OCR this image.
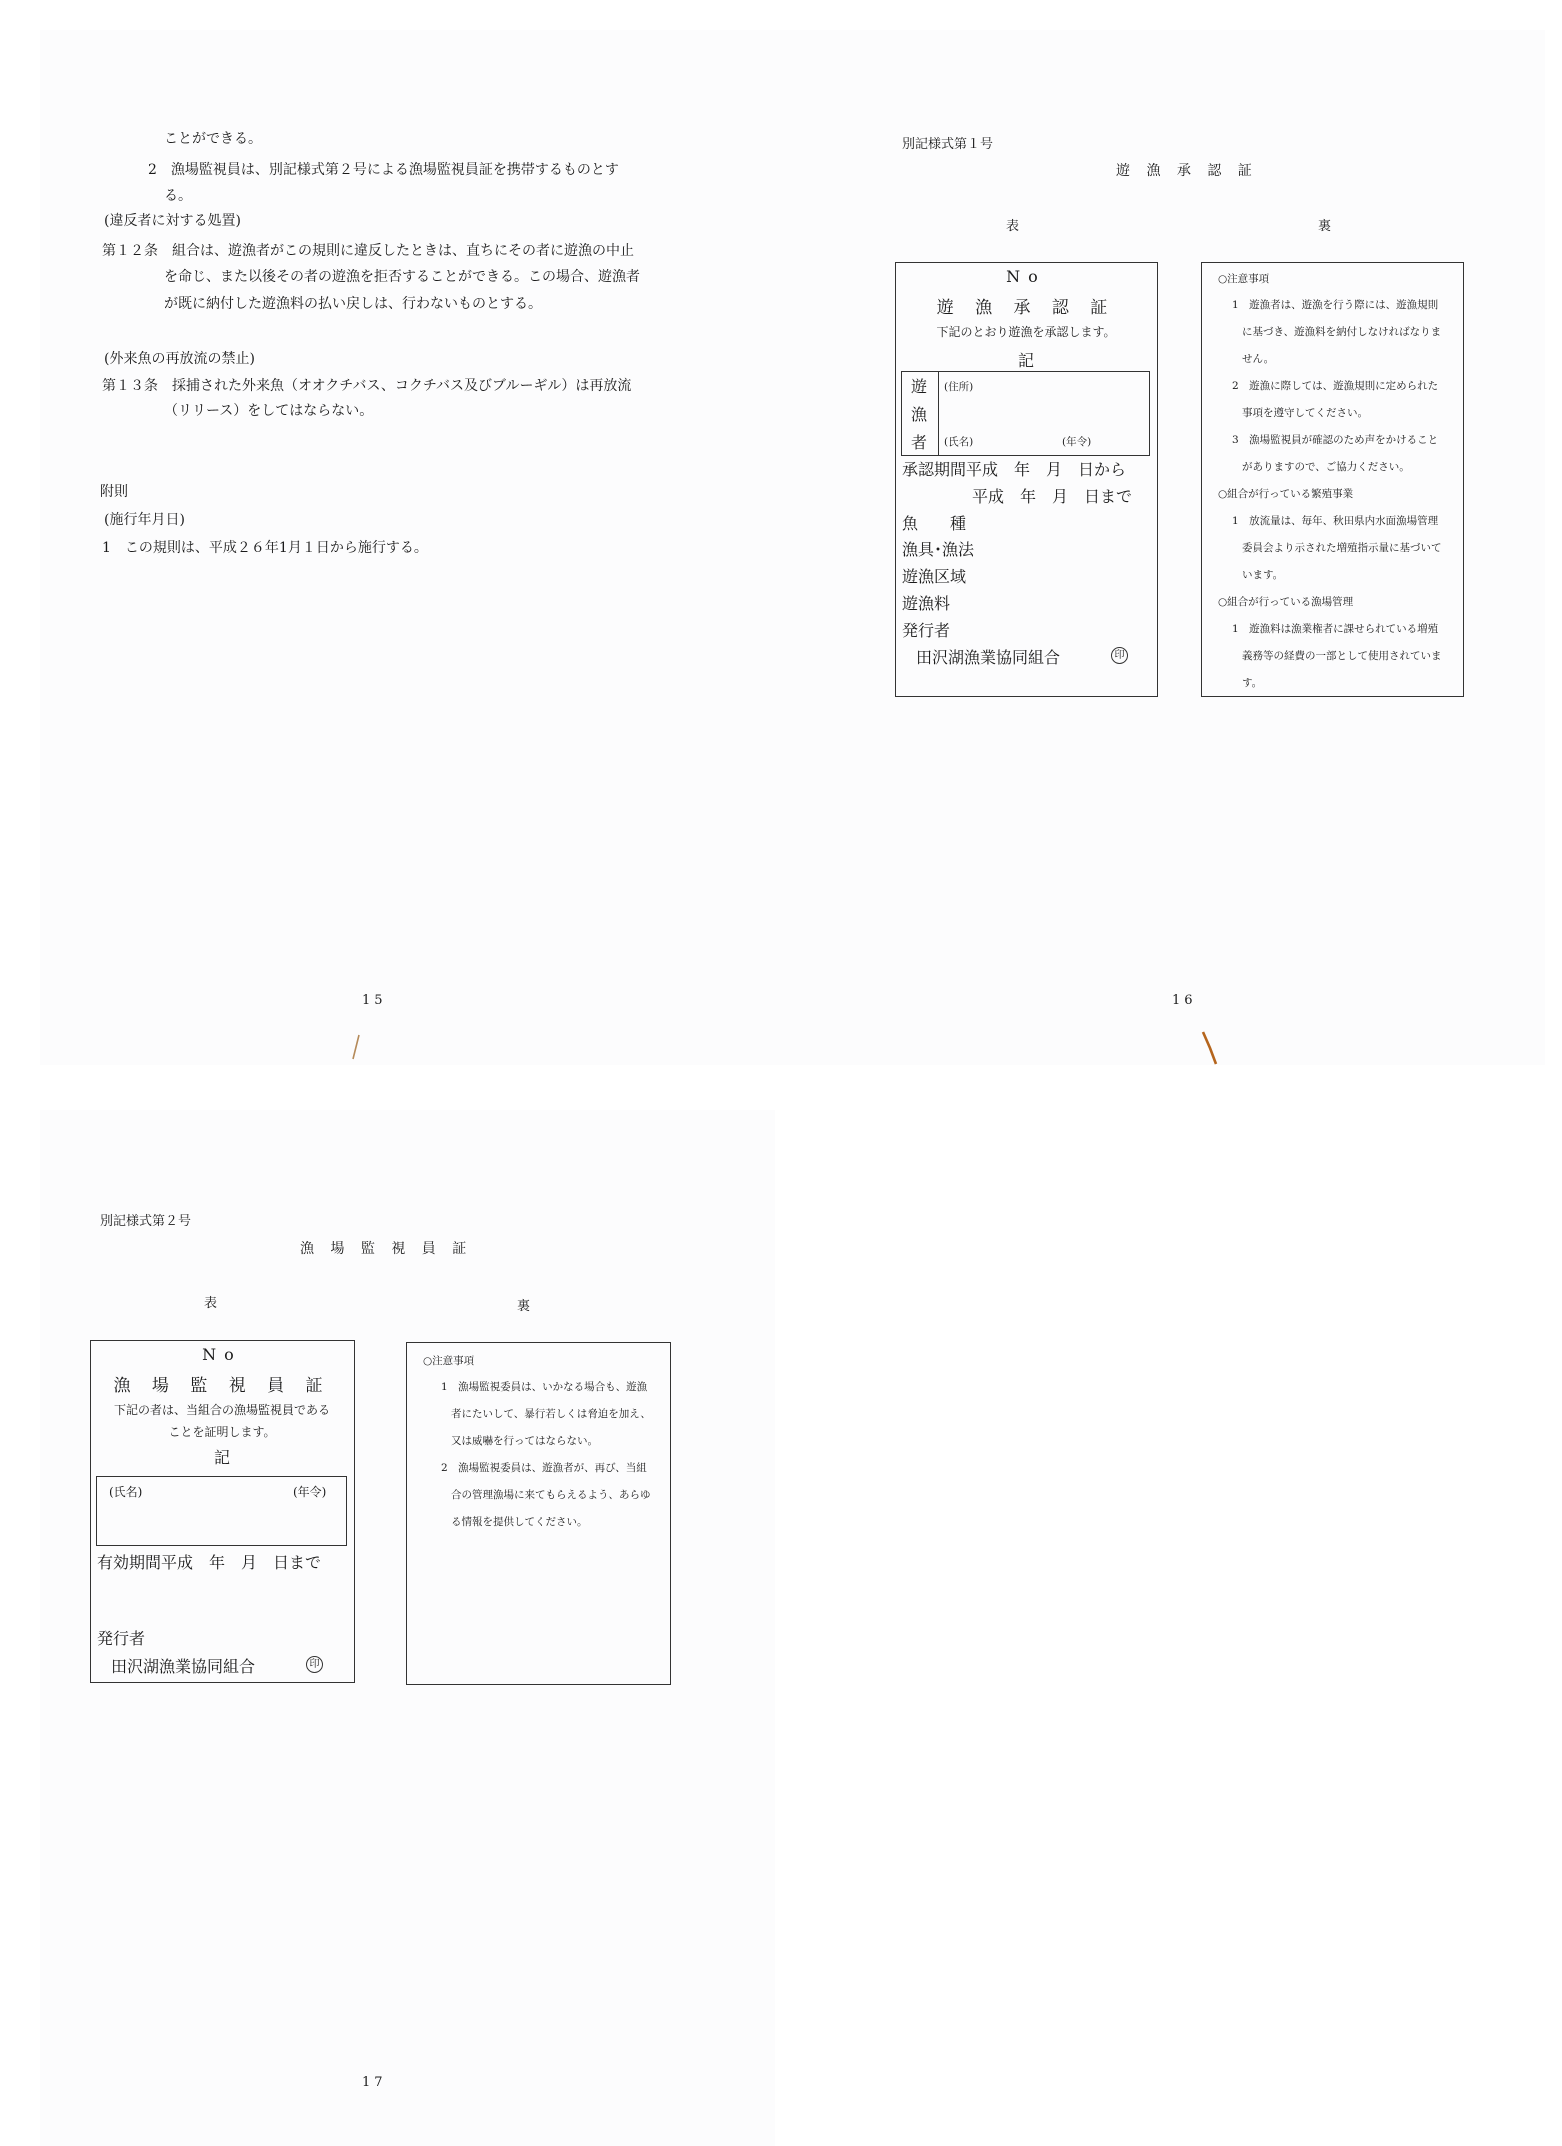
ことができる。
2　漁場監視員は、別記様式第２号による漁場監視員証を携帯するものとす
る。
(違反者に対する処置)
第１２条　組合は、遊漁者がこの規則に違反したときは、直ちにその者に遊漁の中止
を命じ、また以後その者の遊漁を拒否することができる。この場合、遊漁者
が既に納付した遊漁料の払い戻しは、行わないものとする。
(外来魚の再放流の禁止)
第１３条　採捕された外来魚（オオクチバス、コクチバス及びブルーギル）は再放流
（リリース）をしてはならない。
附則
(施行年月日)
1　この規則は、平成２６年1月１日から施行する。
15
別記様式第１号
遊 漁 承 認 証
表	裏
No
遊 漁 承 認 証
下記のとおり遊漁を承認します。
記
遊
漁
者
(住所)
(氏名)	(年令)
承認期間平成　年　月　日から
平成　年　月　日まで
魚　　種
漁具･漁法
遊漁区域
遊漁料
発行者
田沢湖漁業協同組合	印
○注意事項
1　遊漁者は、遊漁を行う際には、遊漁規則
に基づき、遊漁料を納付しなければなりま
せん。
2　遊漁に際しては、遊漁規則に定められた
事項を遵守してください。
3　漁場監視員が確認のため声をかけること
がありますので、ご協力ください。
○組合が行っている繁殖事業
1　放流量は、毎年、秋田県内水面漁場管理
委員会より示された増殖指示量に基づいて
います。
○組合が行っている漁場管理
1　遊漁料は漁業権者に課せられている増殖
義務等の経費の一部として使用されていま
す。
16
別記様式第２号
漁 場 監 視 員 証
表	裏
No
漁 場 監 視 員 証
下記の者は、当組合の漁場監視員である
ことを証明します。
記
(氏名)	(年令)
有効期間平成　年　月　日まで
発行者
田沢湖漁業協同組合	印
○注意事項
1　漁場監視委員は、いかなる場合も、遊漁
者にたいして、暴行若しくは脅迫を加え、
又は威嚇を行ってはならない。
2　漁場監視委員は、遊漁者が、再び、当組
合の管理漁場に来てもらえるよう、あらゆ
る情報を提供してください。
17
